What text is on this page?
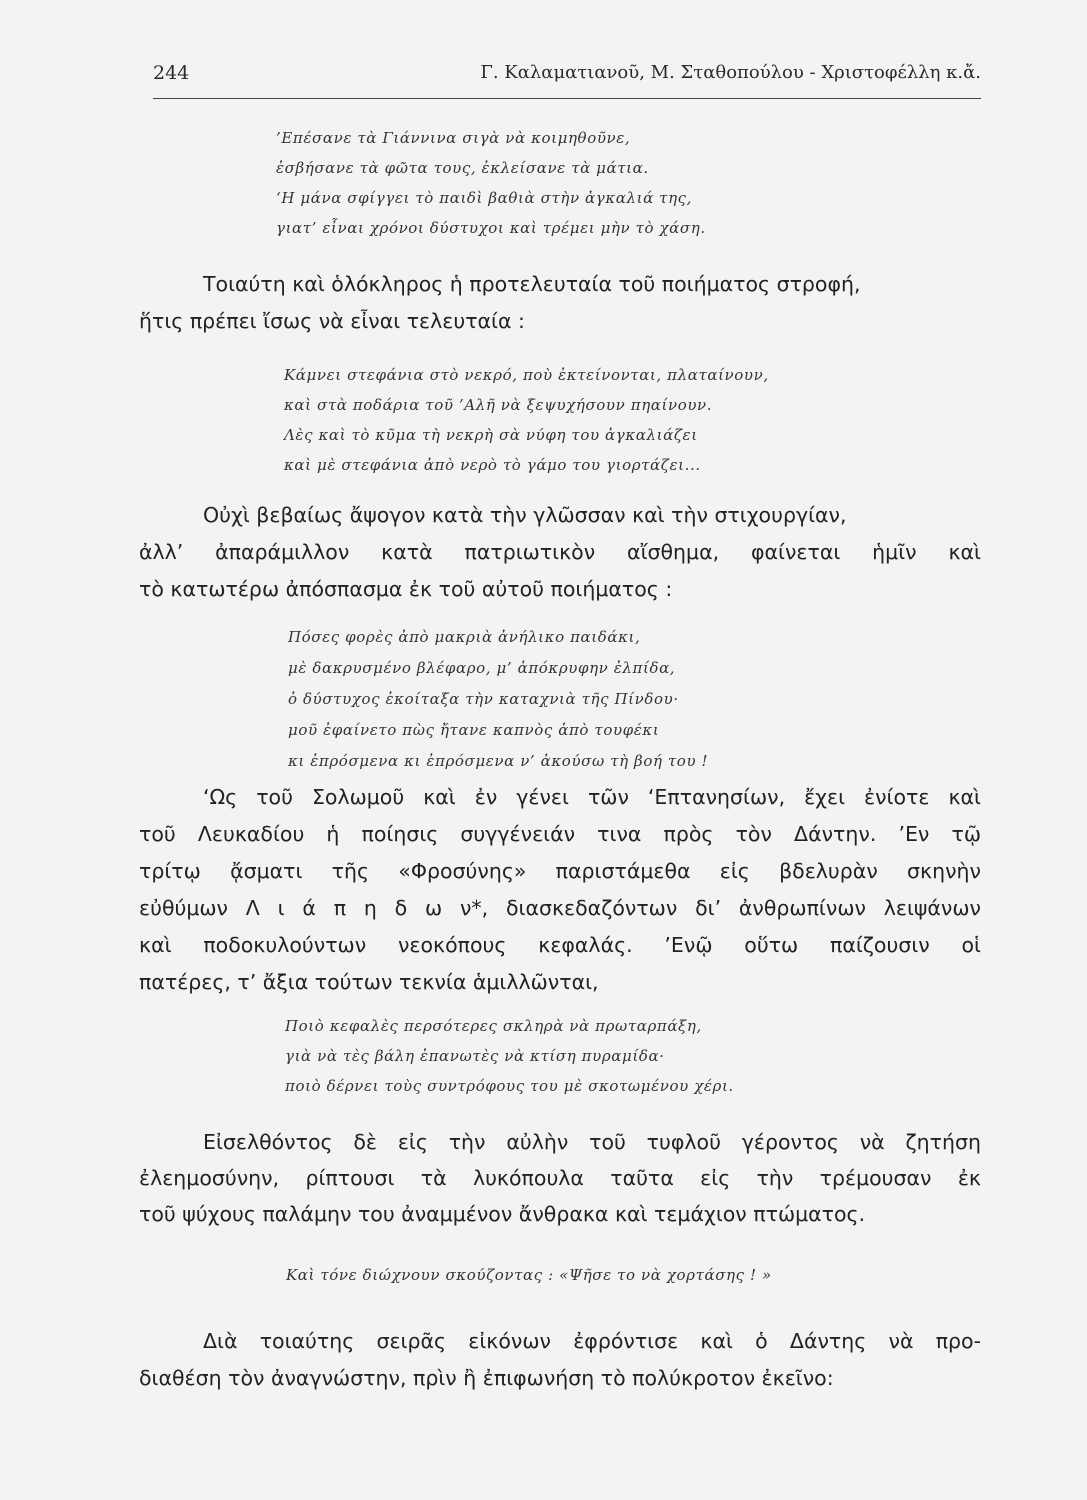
244	Γ. Καλαματιανοῦ, Μ. Σταθοπούλου - Χριστοφέλλη κ.ἄ.
’Επέσανε τὰ Γιάννινα σιγὰ νὰ κοιμηθοῦνε,
ἐσβήσανε τὰ φῶτα τους, ἐκλείσανε τὰ μάτια.
‘Η μάνα σφίγγει τὸ παιδὶ βαθιὰ στὴν ἀγκαλιά της,
γιατ’ εἶναι χρόνοι δύστυχοι καὶ τρέμει μὴν τὸ χάση.
Τοιαύτη καὶ ὁλόκληρος ἡ προτελευταία τοῦ ποιήματος στροφή,
ἥτις πρέπει ἴσως νὰ εἶναι τελευταία :
Κάμνει στεφάνια στὸ νεκρό, ποὺ ἐκτείνονται, πλαταίνουν,
καὶ στὰ ποδάρια τοῦ ’Αλῆ νὰ ξεψυχήσουν πηαίνουν.
Λὲς καὶ τὸ κῦμα τὴ νεκρὴ σὰ νύφη του ἀγκαλιάζει
καὶ μὲ στεφάνια ἀπὸ νερὸ τὸ γάμο του γιορτάζει...
Οὐχὶ βεβαίως ἄψογον κατὰ τὴν γλῶσσαν καὶ τὴν στιχουργίαν,
ἀλλ’ ἀπαράμιλλον κατὰ πατριωτικὸν αἴσθημα, φαίνεται ἡμῖν καὶ
τὸ κατωτέρω ἀπόσπασμα ἐκ τοῦ αὐτοῦ ποιήματος :
Πόσες φορὲς ἀπὸ μακριὰ ἀνήλικο παιδάκι,
μὲ δακρυσμένο βλέφαρο, μ’ ἀπόκρυφην ἐλπίδα,
ὁ δύστυχος ἐκοίταξα τὴν καταχνιὰ τῆς Πίνδου·
μοῦ ἐφαίνετο πὼς ἤτανε καπνὸς ἀπὸ τουφέκι
κι ἐπρόσμενα κι ἐπρόσμενα ν’ ἀκούσω τὴ βοή του !
‘Ως τοῦ Σολωμοῦ καὶ ἐν γένει τῶν ‘Επτανησίων, ἔχει ἐνίοτε καὶ
τοῦ Λευκαδίου ἡ ποίησις συγγένειάν τινα πρὸς τὸν Δάντην. ’Εν τῷ
τρίτῳ ᾄσματι τῆς «Φροσύνης» παριστάμεθα εἰς βδελυρὰν σκηνὴν
εὐθύμων Λ ι ά π η δ ω ν*, διασκεδαζόντων δι’ ἀνθρωπίνων λειψάνων
καὶ ποδοκυλούντων νεοκόπους κεφαλάς. ’Ενῷ οὕτω παίζουσιν οἱ
πατέρες, τ’ ἄξια τούτων τεκνία ἁμιλλῶνται,
Ποιὸ κεφαλὲς περσότερες σκληρὰ νὰ πρωταρπάξη,
γιὰ νὰ τὲς βάλη ἐπανωτὲς νὰ κτίση πυραμίδα·
ποιὸ δέρνει τοὺς συντρόφους του μὲ σκοτωμένου χέρι.
Εἰσελθόντος δὲ εἰς τὴν αὐλὴν τοῦ τυφλοῦ γέροντος νὰ ζητήση
ἐλεημοσύνην, ρίπτουσι τὰ λυκόπουλα ταῦτα εἰς τὴν τρέμουσαν ἐκ
τοῦ ψύχους παλάμην του ἀναμμένον ἄνθρακα καὶ τεμάχιον πτώματος.
Καὶ τόνε διώχνουν σκούζοντας : «Ψῆσε το νὰ χορτάσης ! »
Διὰ τοιαύτης σειρᾶς εἰκόνων ἐφρόντισε καὶ ὁ Δάντης νὰ προ-
διαθέση τὸν ἀναγνώστην, πρὶν ἢ ἐπιφωνήση τὸ πολύκροτον ἐκεῖνο:
